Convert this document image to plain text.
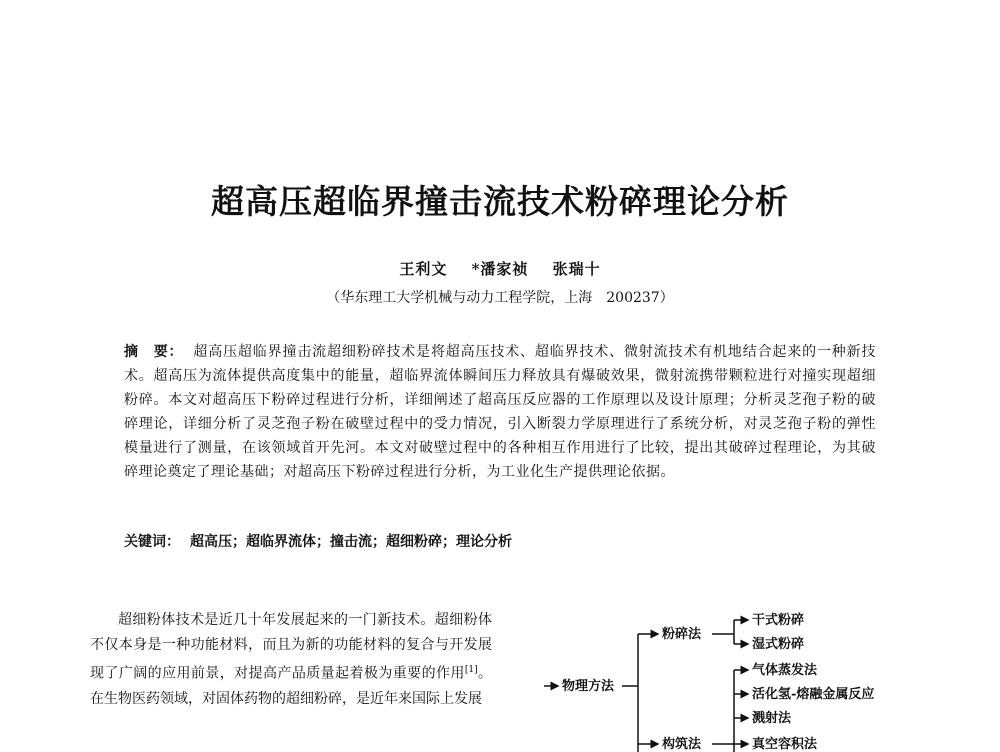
超高压超临界撞击流技术粉碎理论分析
王利文 *潘家祯 张瑞十
（华东理工大学机械与动力工程学院，上海　200237）
摘　要： 超高压超临界撞击流超细粉碎技术是将超高压技术、超临界技术、微射流技术有机地结合起来的一种新技术。超高压为流体提供高度集中的能量，超临界流体瞬间压力释放具有爆破效果，微射流携带颗粒进行对撞实现超细粉碎。本文对超高压下粉碎过程进行分析，详细阐述了超高压反应器的工作原理以及设计原理；分析灵芝孢子粉的破碎理论，详细分析了灵芝孢子粉在破壁过程中的受力情况，引入断裂力学原理进行了系统分析，对灵芝孢子粉的弹性模量进行了测量，在该领域首开先河。本文对破壁过程中的各种相互作用进行了比较，提出其破碎过程理论，为其破碎理论奠定了理论基础；对超高压下粉碎过程进行分析，为工业化生产提供理论依据。
关键词： 超高压；超临界流体；撞击流；超细粉碎；理论分析
超细粉体技术是近几十年发展起来的一门新技术。超细粉体不仅本身是一种功能材料，而且为新的功能材料的复合与开发展现了广阔的应用前景，对提高产品质量起着极为重要的作用[1]。在生物医药领域，对固体药物的超细粉碎，是近年来国际上发展
物理方法
粉碎法
干式粉碎
湿式粉碎
构筑法
气体蒸发法
活化氢-熔融金属反应
溅射法
真空容积法
